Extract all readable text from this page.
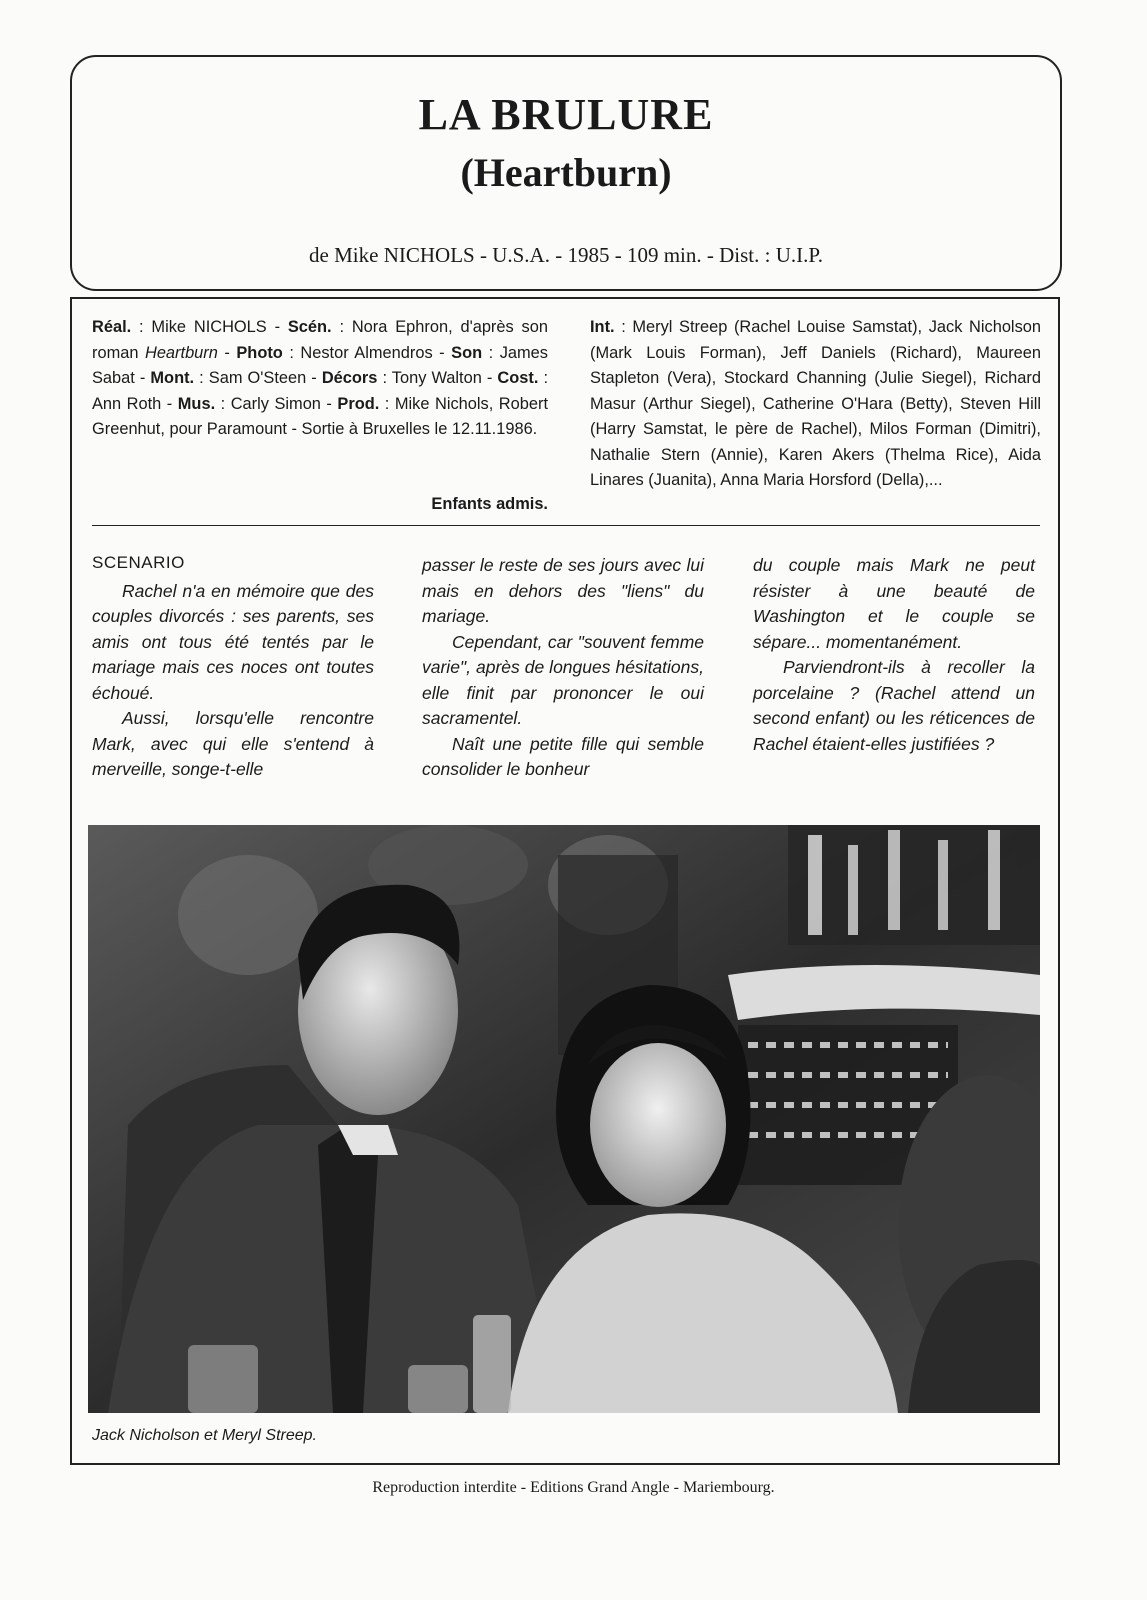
LA BRULURE
(Heartburn)
de Mike NICHOLS - U.S.A. - 1985 - 109 min. - Dist. : U.I.P.
Réal. : Mike NICHOLS - Scén. : Nora Ephron, d'après son roman Heartburn - Photo : Nestor Almendros - Son : James Sabat - Mont. : Sam O'Steen - Décors : Tony Walton - Cost. : Ann Roth - Mus. : Carly Simon - Prod. : Mike Nichols, Robert Greenhut, pour Paramount - Sortie à Bruxelles le 12.11.1986.
Int. : Meryl Streep (Rachel Louise Samstat), Jack Nicholson (Mark Louis Forman), Jeff Daniels (Richard), Maureen Stapleton (Vera), Stockard Channing (Julie Siegel), Richard Masur (Arthur Siegel), Catherine O'Hara (Betty), Steven Hill (Harry Samstat, le père de Rachel), Milos Forman (Dimitri), Nathalie Stern (Annie), Karen Akers (Thelma Rice), Aida Linares (Juanita), Anna Maria Horsford (Della),...
Enfants admis.
SCENARIO

Rachel n'a en mémoire que des couples divorcés : ses parents, ses amis ont tous été tentés par le mariage mais ces noces ont toutes échoué.

Aussi, lorsqu'elle rencontre Mark, avec qui elle s'entend à merveille, songe-t-elle

passer le reste de ses jours avec lui mais en dehors des "liens" du mariage.

Cependant, car "souvent femme varie", après de longues hésitations, elle finit par prononcer le oui sacramentel.

Naît une petite fille qui semble consolider le bonheur

du couple mais Mark ne peut résister à une beauté de Washington et le couple se sépare... momentanément.

Parviendront-ils à recoller la porcelaine ? (Rachel attend un second enfant) ou les réticences de Rachel étaient-elles justifiées ?

Jack Nicholson et Meryl Streep.
Reproduction interdite - Editions Grand Angle - Mariembourg.
